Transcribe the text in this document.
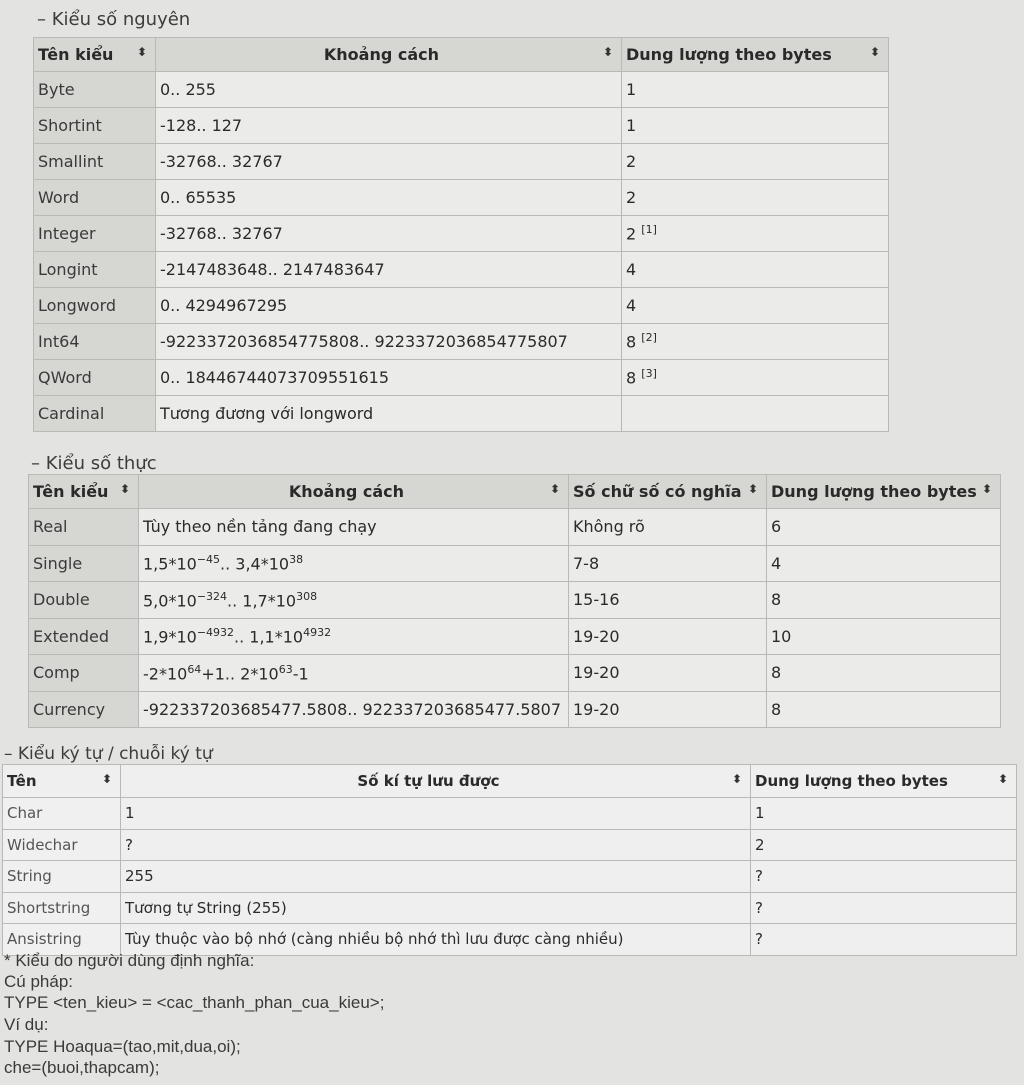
– Kiểu số nguyên
Tên kiểu ⬍	Khoảng cách ⬍	Dung lượng theo bytes ⬍

Byte	0.. 255	1
Shortint	-128.. 127	1
Smallint	-32768.. 32767	2
Word	0.. 65535	2
Integer	-32768.. 32767	2 [1]
Longint	-2147483648.. 2147483647	4
Longword	0.. 4294967295	4
Int64	-9223372036854775808.. 9223372036854775807	8 [2]
QWord	0.. 18446744073709551615	8 [3]
Cardinal	Tương đương với longword	
– Kiểu số thực
Tên kiểu ⬍	Khoảng cách ⬍	Số chữ số có nghĩa ⬍	Dung lượng theo bytes ⬍

Real	Tùy theo nền tảng đang chạy	Không rõ	6
Single	$1,5*10^{-45}$.. $3,4*10^{38}$	7-8	4
Double	$5,0*10^{-324}$.. $1,7*10^{308}$	15-16	8
Extended	$1,9*10^{-4932}$.. $1,1*10^{4932}$	19-20	10
Comp	$-2*10^{64}+1$.. $2*10^{63}-1$	19-20	8
Currency	-922337203685477.5808.. 922337203685477.5807	19-20	8
– Kiểu ký tự / chuỗi ký tự
Tên ⬍	Số kí tự lưu được ⬍	Dung lượng theo bytes ⬍

Char	1	1
Widechar	?	2
String	255	?
Shortstring	Tương tự String (255)	?
Ansistring	Tùy thuộc vào bộ nhớ (càng nhiều bộ nhớ thì lưu được càng nhiều)	?
* Kiểu do người dùng định nghĩa:
Cú pháp:
TYPE <ten_kieu> = <cac_thanh_phan_cua_kieu>;
Ví dụ:
TYPE Hoaqua=(tao,mit,dua,oi);
che=(buoi,thapcam);
